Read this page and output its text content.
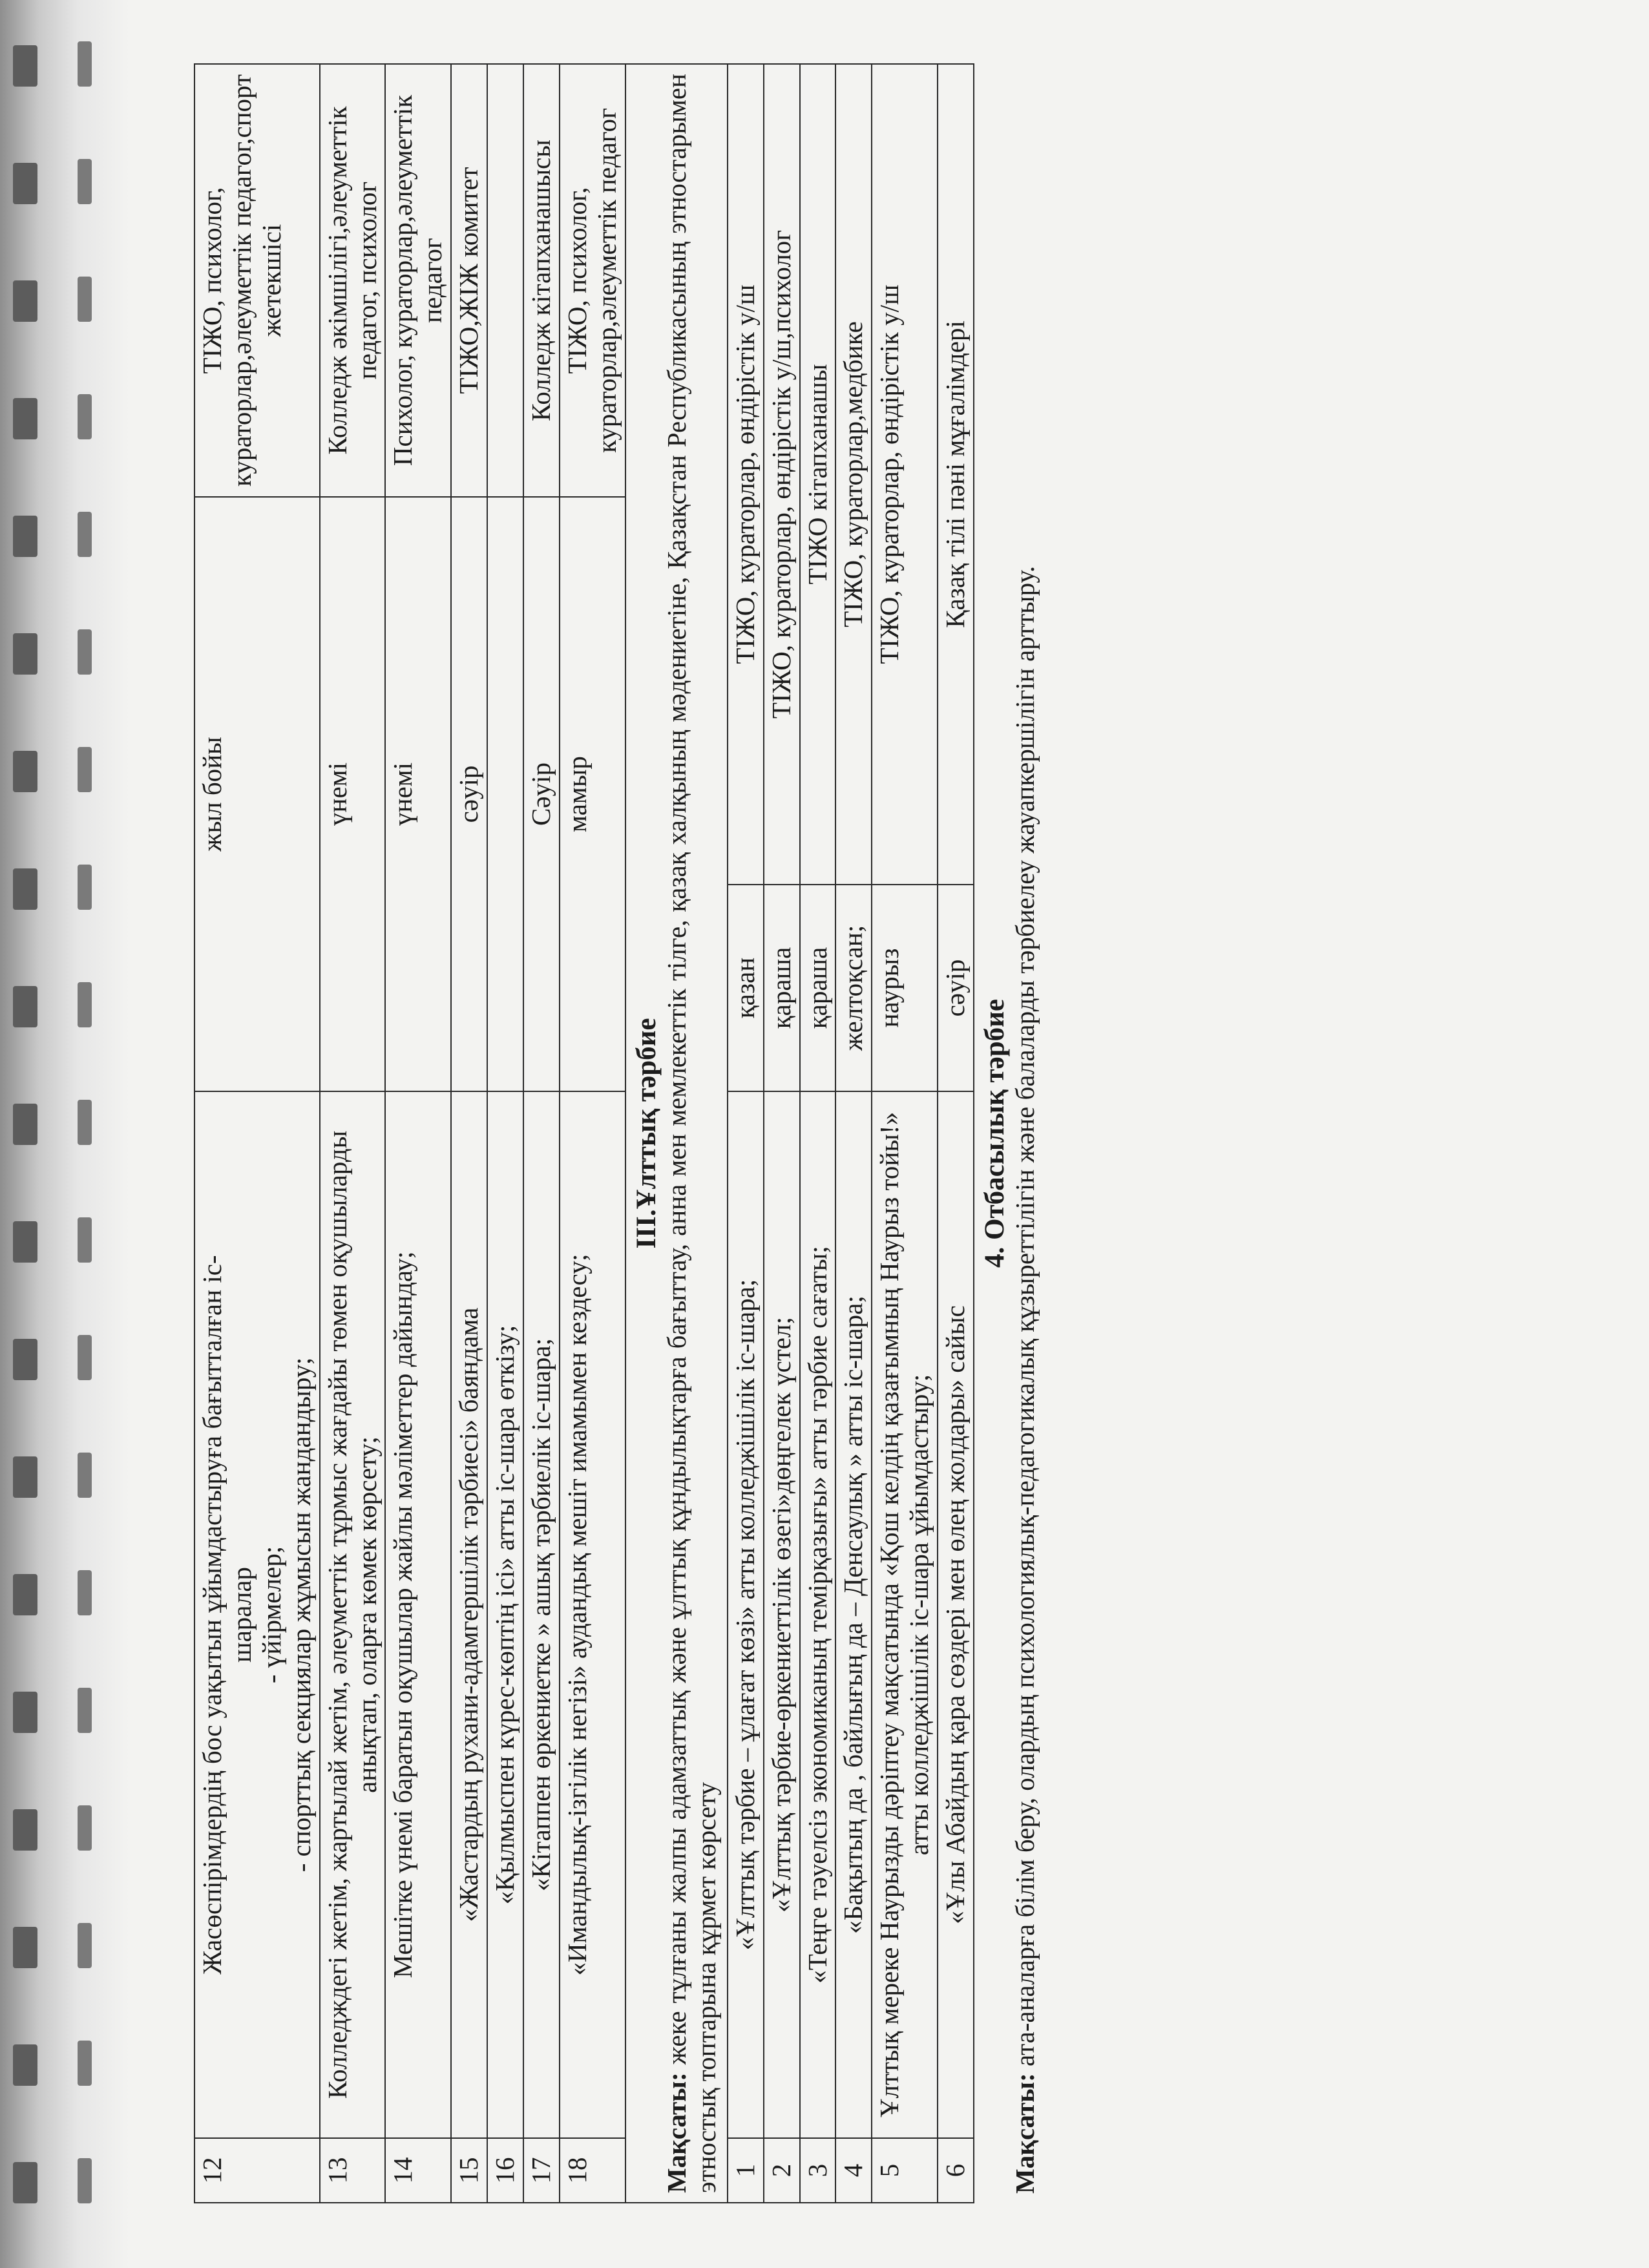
12	Жасөспірімдердің бос уақытын ұйымдастыруға бағытталған іс- шаралар - үйірмелер; - спорттық секциялар жұмысын жандандыру;	жыл бойы		ТІЖО, психолог, кураторлар,әлеуметтік педагог,спорт жетекшісі
13	Колледждегі жетім, жартылай жетім, әлеуметтік тұрмыс жағдайы төмен оқушыларды анықтап, оларға көмек көрсету;	үнемі		Колледж әкімшілігі,әлеуметтік педагог, психолог
14	Мешітке үнемі баратын оқушылар жайлы мәліметтер дайындау;	үнемі		Психолог, кураторлар,әлеуметтік педагог
15	«Жастардың рухани-адамгершілік тәрбиесі» баяндама	сәуір		ТІЖО,ЖІЖ комитет
16	«Қылмыспен күрес-көптің ісі» атты іс-шара өткізу;			

17	«Кітаппен өркениетке » ашық тәрбиелік іс-шара;	Сәуір		Колледж кітапханашысы
18	«Имандылық-ізгілік негізі» аудандық мешіт имамымен кездесу;	мамыр		ТІЖО, психолог, кураторлар,әлеуметтік педагог

ІІІ.Ұлттық тәрбие
Мақсаты: жеке тұлғаны жалпы адамзаттық және ұлттық құндылықтарға бағыттау, анна мен мемлекеттік тілге, қазақ халқының мәдениетіне, Қазақстан Республикасының этностарымен этностық топтарына құрмет көрсету				

1	«Ұлттық тәрбие – ұлағат көзі» атты колледжішілік іс-шара;	қазан	ТІЖО, кураторлар, өндірістік у/ш	
2	«Ұлттық тәрбие-өркениеттілік өзегі»дөңгелек үстел;	қараша	ТІЖО, кураторлар, өндірістік у/ш,психолог	
3	«Теңге тәуелсіз экономиканың темірқазығы» атты тәрбие сағаты;	қараша	ТІЖО кітапханашы	
4	«Бақытың да , байлығың да – Денсаулық » атты іс-шара;	желтоқсан;	ТІЖО, кураторлар,медбике	
5	Ұлттық мереке Наурызды дәріптеу мақсатында «Қош келдің қазағымның Наурыз тойы!» атты колледжішілік іс-шара ұйымдастыру;	наурыз	ТІЖО, кураторлар, өндірістік у/ш	
6	«Ұлы Абайдың қара сөздері мен өлең жолдары» сайыс	сәуір	Қазақ тілі пәні мұғалімдері	

4. Отбасылық тәрбие
Мақсаты: ата-аналарға білім беру, олардың психологиялық-педагогикалық құзыреттілігін және балаларды тәрбиелеу жауапкершілігін арттыру.				
